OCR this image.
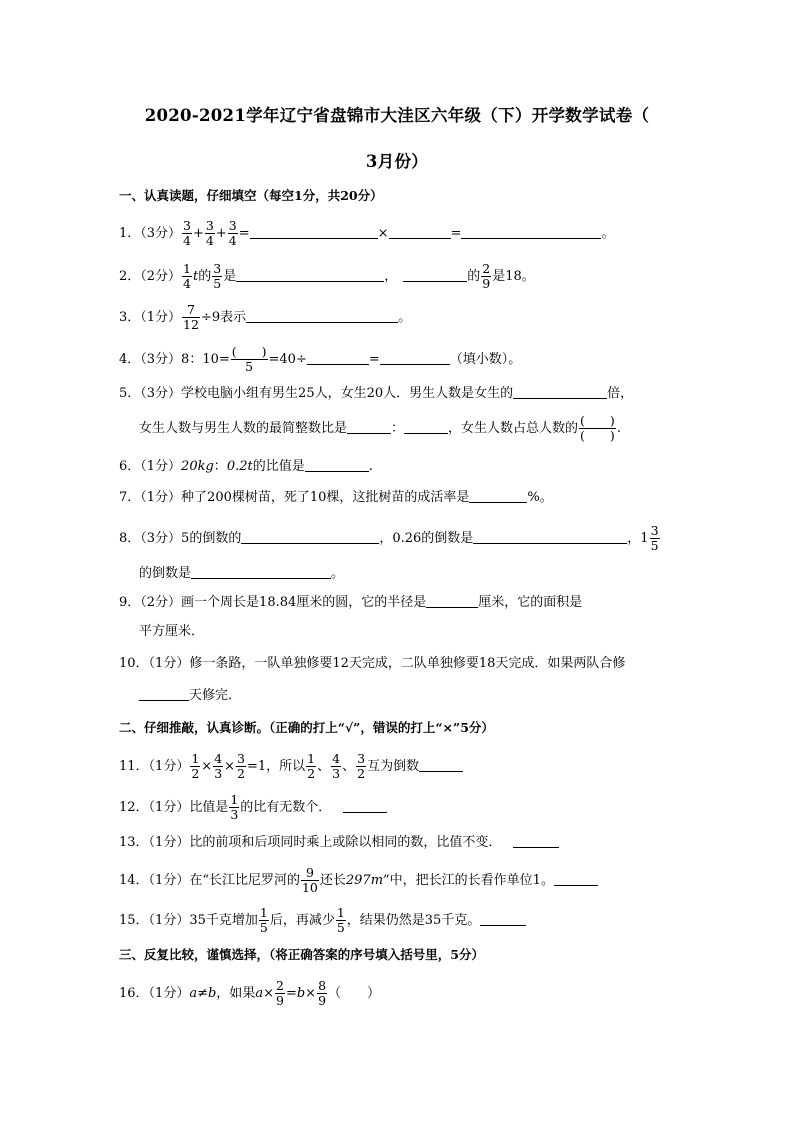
2020-2021学年辽宁省盘锦市大洼区六年级（下）开学数学试卷（
3月份）
一、认真读题，仔细填空（每空1分，共20分）
1．（3分） $\frac{3}{4} + \frac{3}{4} + \frac{3}{4}$ =	×	=	。
2．（2分） $\frac{1}{4}$ t的 $\frac{3}{5}$ 是	，	的 $\frac{2}{9}$ 是18。
3．（1分） $\frac{7}{12} \div 9$表示	。
4．（3分）8：10=
(　　)
5	=40÷	=	（填小数）。
5．（3分）学校电脑小组有男生25人，女生20人．男生人数是女生的	倍，
女生人数与男生人数的最简整数比是	：	，女生人数占总人数的
(　　)
(　　) .
6．（1分）20kg：0.2t的比值是	.
7．（1分）种了200棵树苗，死了10棵，这批树苗的成活率是	%。
8．（3分）5的倒数的	，0.26的倒数是	，$1 \frac{3}{5}$
的倒数是	。
9．（2分）画一个周长是18.84厘米的圆，它的半径是	厘米，它的面积是
平方厘米．
10．（1分）修一条路，一队单独修要12天完成，二队单独修要18天完成．如果两队合修
天修完．
二、仔细推敲，认真诊断。（正确的打上“√”，错误的打上“×”5分）
11．（1分） $\frac{1}{2} \times \frac{4}{3} \times \frac{3}{2} =1$，所以 $\frac{1}{2}$ 、 $\frac{4}{3}$ 、 $\frac{3}{2}$ 互为倒数
12．（1分）比值是 $\frac{1}{3}$ 的比有无数个．
13．（1分）比的前项和后项同时乘上或除以相同的数，比值不变．
14．（1分）在“长江比尼罗河的 $\frac{9}{10}$ 还长297m”中，把长江的长看作单位1。
15．（1分）35千克增加 $\frac{1}{5}$ 后，再减少 $\frac{1}{5}$ ，结果仍然是35千克。
三、反复比较，谨慎选择，（将正确答案的序号填入括号里，5分）
16．（1分）a≠b，如果$a\times \frac{2}{9} =b\times \frac{8}{9}$ （　　）
